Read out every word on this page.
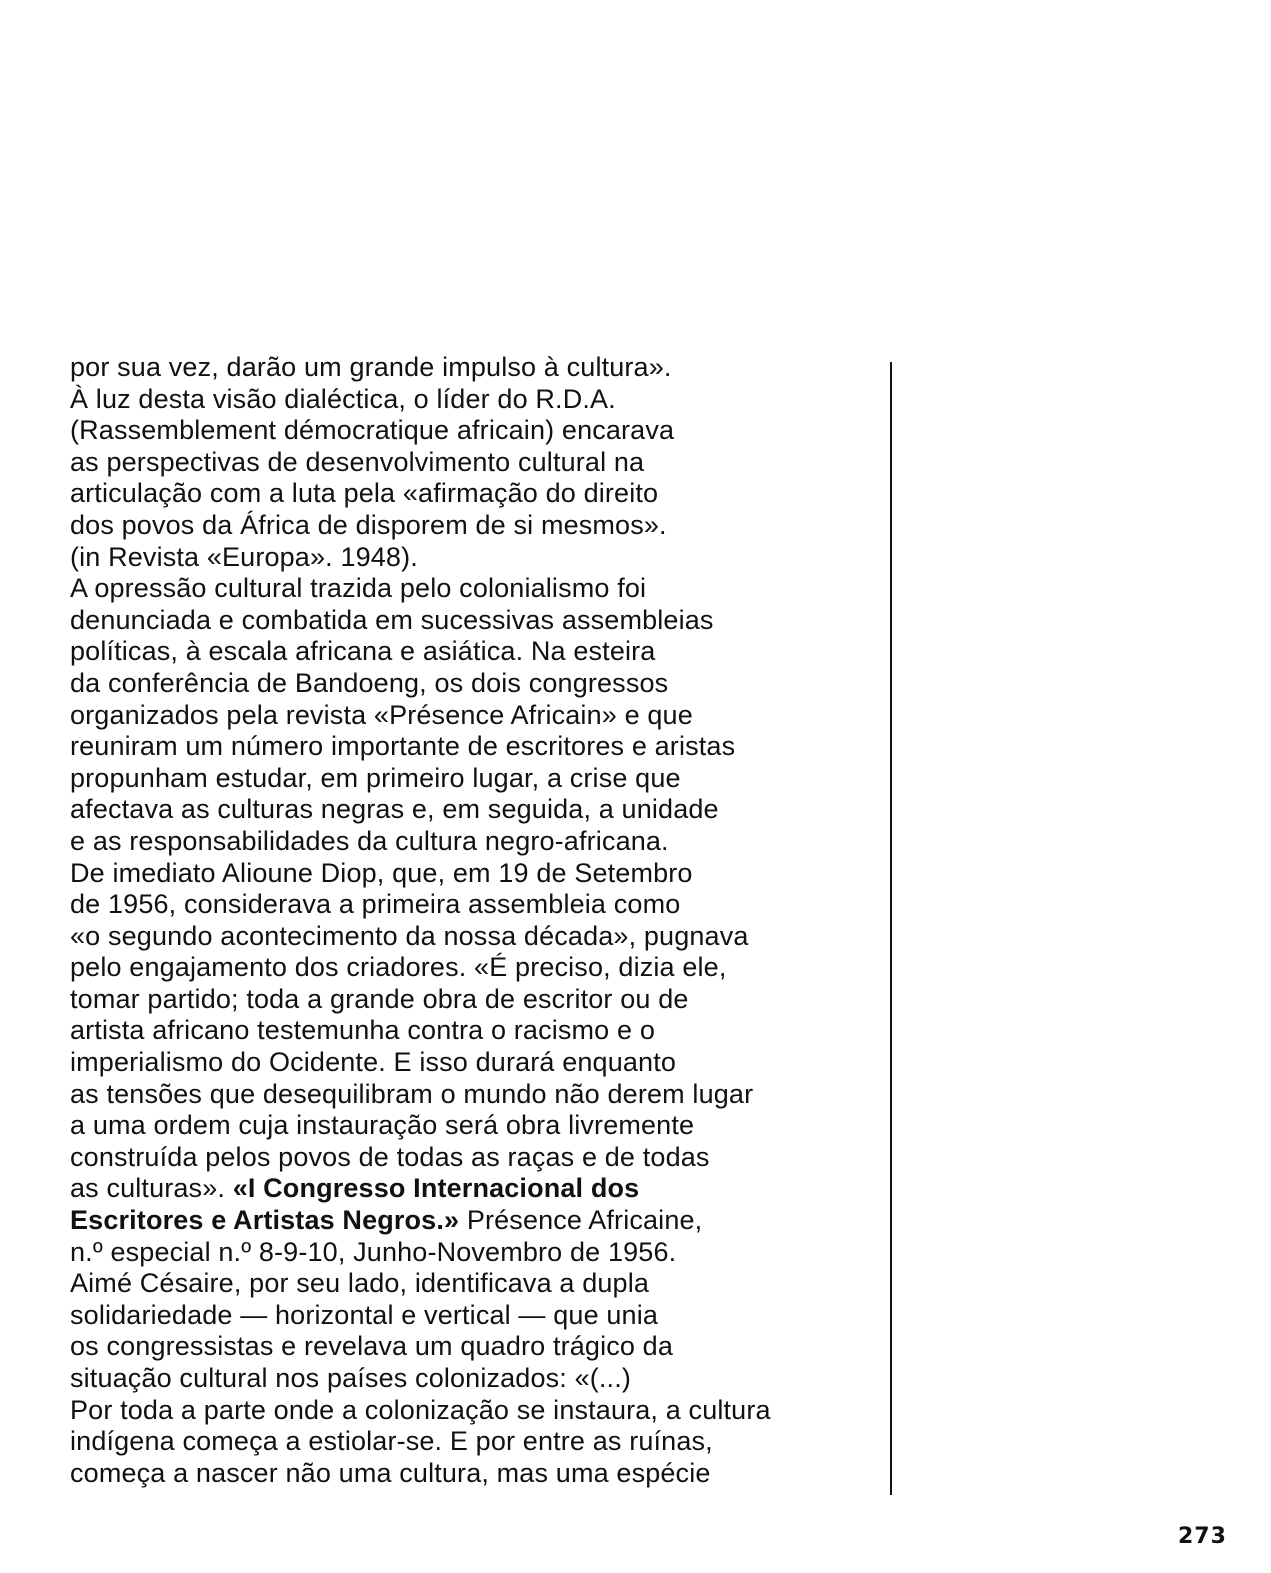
por sua vez, darão um grande impulso à cultura».
À luz desta visão dialéctica, o líder do R.D.A.
(Rassemblement démocratique africain) encarava
as perspectivas de desenvolvimento cultural na
articulação com a luta pela «afirmação do direito
dos povos da África de disporem de si mesmos».
(in Revista «Europa». 1948).
A opressão cultural trazida pelo colonialismo foi
denunciada e combatida em sucessivas assembleias
políticas, à escala africana e asiática. Na esteira
da conferência de Bandoeng, os dois congressos
organizados pela revista «Présence Africain» e que
reuniram um número importante de escritores e aristas
propunham estudar, em primeiro lugar, a crise que
afectava as culturas negras e, em seguida, a unidade
e as responsabilidades da cultura negro-africana.
De imediato Alioune Diop, que, em 19 de Setembro
de 1956, considerava a primeira assembleia como
«o segundo acontecimento da nossa década», pugnava
pelo engajamento dos criadores. «É preciso, dizia ele,
tomar partido; toda a grande obra de escritor ou de
artista africano testemunha contra o racismo e o
imperialismo do Ocidente. E isso durará enquanto
as tensões que desequilibram o mundo não derem lugar
a uma ordem cuja instauração será obra livremente
construída pelos povos de todas as raças e de todas
as culturas». «I Congresso Internacional dos
Escritores e Artistas Negros.» Présence Africaine,
n.º especial n.º 8-9-10, Junho-Novembro de 1956.
Aimé Césaire, por seu lado, identificava a dupla
solidariedade — horizontal e vertical — que unia
os congressistas e revelava um quadro trágico da
situação cultural nos países colonizados: «(...)
Por toda a parte onde a colonização se instaura, a cultura
indígena começa a estiolar-se. E por entre as ruínas,
começa a nascer não uma cultura, mas uma espécie
273
